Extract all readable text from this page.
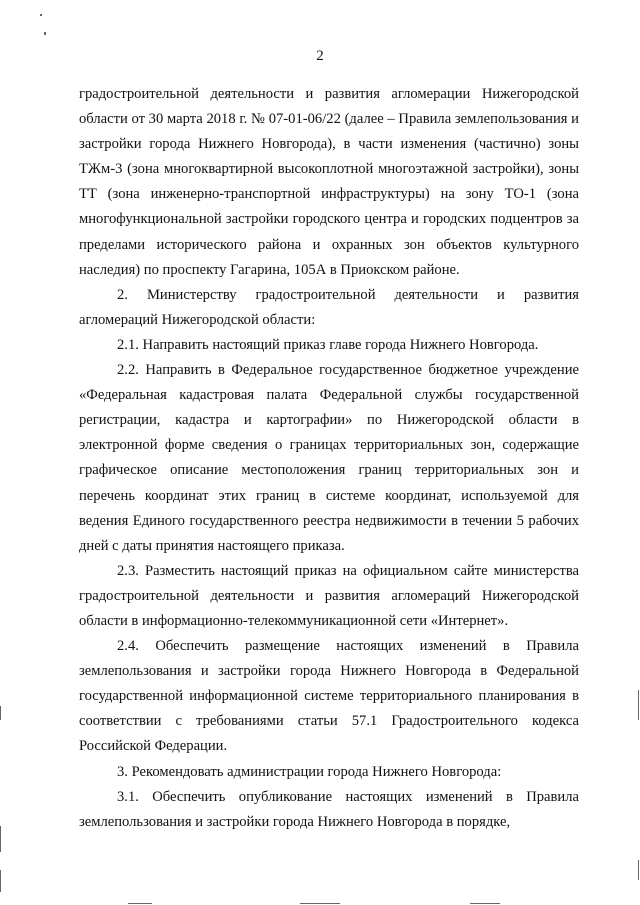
2

градостроительной деятельности и развития агломерации Нижегородской области от 30 марта 2018 г. № 07-01-06/22 (далее – Правила землепользования и застройки города Нижнего Новгорода), в части изменения (частично) зоны ТЖм-3 (зона многоквартирной высокоплотной многоэтажной застройки), зоны ТТ (зона инженерно-транспортной инфраструктуры) на зону ТО-1 (зона многофункциональной застройки городского центра и городских подцентров за пределами исторического района и охранных зон объектов культурного наследия) по проспекту Гагарина, 105А в Приокском районе.

2. Министерству градостроительной деятельности и развития агломераций Нижегородской области:

2.1. Направить настоящий приказ главе города Нижнего Новгорода.

2.2. Направить в Федеральное государственное бюджетное учреждение «Федеральная кадастровая палата Федеральной службы государственной регистрации, кадастра и картографии» по Нижегородской области в электронной форме сведения о границах территориальных зон, содержащие графическое описание местоположения границ территориальных зон и перечень координат этих границ в системе координат, используемой для ведения Единого государственного реестра недвижимости в течении 5 рабочих дней с даты принятия настоящего приказа.

2.3. Разместить настоящий приказ на официальном сайте министерства градостроительной деятельности и развития агломераций Нижегородской области в информационно-телекоммуникационной сети «Интернет».

2.4. Обеспечить размещение настоящих изменений в Правила землепользования и застройки города Нижнего Новгорода в Федеральной государственной информационной системе территориального планирования в соответствии с требованиями статьи 57.1 Градостроительного кодекса Российской Федерации.

3. Рекомендовать администрации города Нижнего Новгорода:

3.1. Обеспечить опубликование настоящих изменений в Правила землепользования и застройки города Нижнего Новгорода в порядке,
